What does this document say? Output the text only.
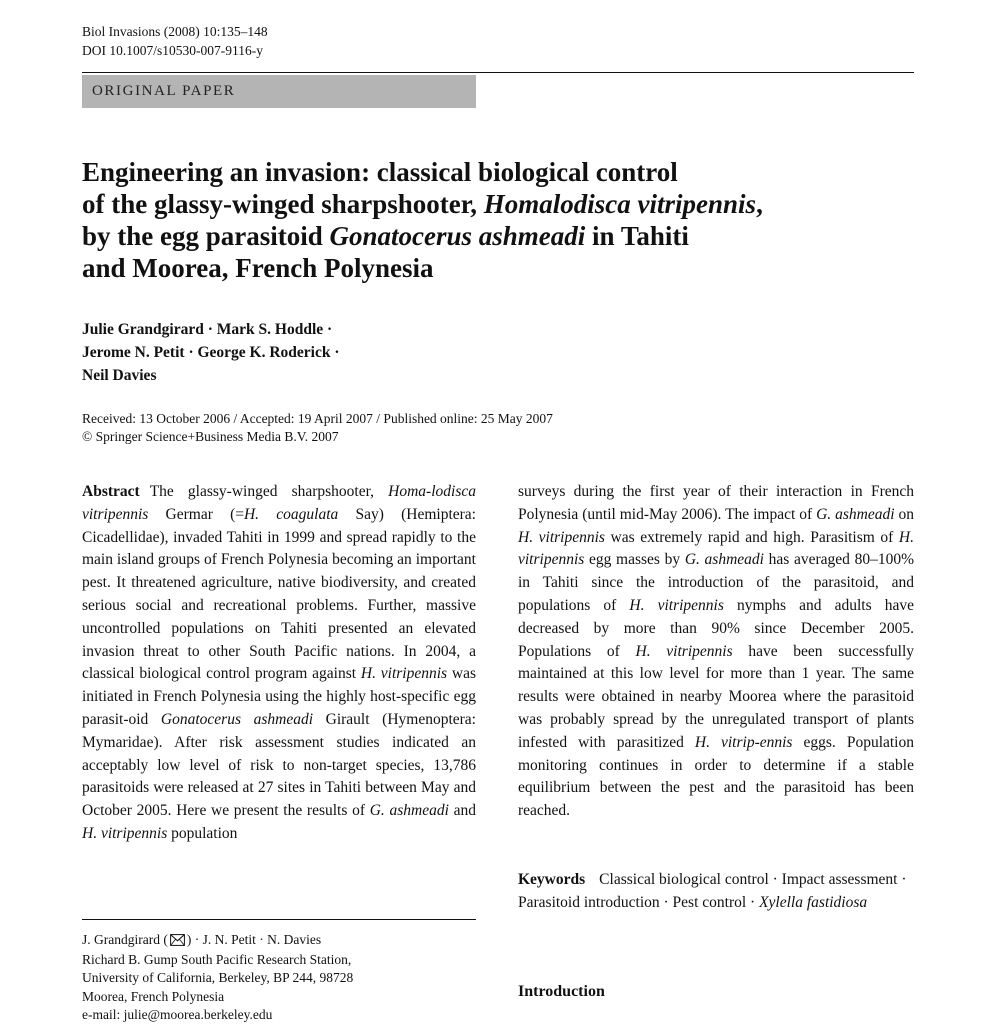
Biol Invasions (2008) 10:135–148
DOI 10.1007/s10530-007-9116-y
ORIGINAL PAPER
Engineering an invasion: classical biological control
of the glassy-winged sharpshooter, Homalodisca vitripennis,
by the egg parasitoid Gonatocerus ashmeadi in Tahiti
and Moorea, French Polynesia
Julie Grandgirard · Mark S. Hoddle ·
Jerome N. Petit · George K. Roderick ·
Neil Davies
Received: 13 October 2006 / Accepted: 19 April 2007 / Published online: 25 May 2007
© Springer Science+Business Media B.V. 2007
Abstract The glassy-winged sharpshooter, Homa-lodisca vitripennis Germar (=H. coagulata Say) (Hemiptera: Cicadellidae), invaded Tahiti in 1999 and spread rapidly to the main island groups of French Polynesia becoming an important pest. It threatened agriculture, native biodiversity, and created serious social and recreational problems. Further, massive uncontrolled populations on Tahiti presented an elevated invasion threat to other South Pacific nations. In 2004, a classical biological control program against H. vitripennis was initiated in French Polynesia using the highly host-specific egg parasit-oid Gonatocerus ashmeadi Girault (Hymenoptera: Mymaridae). After risk assessment studies indicated an acceptably low level of risk to non-target species, 13,786 parasitoids were released at 27 sites in Tahiti between May and October 2005. Here we present the results of G. ashmeadi and H. vitripennis population
surveys during the first year of their interaction in French Polynesia (until mid-May 2006). The impact of G. ashmeadi on H. vitripennis was extremely rapid and high. Parasitism of H. vitripennis egg masses by G. ashmeadi has averaged 80–100% in Tahiti since the introduction of the parasitoid, and populations of H. vitripennis nymphs and adults have decreased by more than 90% since December 2005. Populations of H. vitripennis have been successfully maintained at this low level for more than 1 year. The same results were obtained in nearby Moorea where the parasitoid was probably spread by the unregulated transport of plants infested with parasitized H. vitrip-ennis eggs. Population monitoring continues in order to determine if a stable equilibrium between the pest and the parasitoid has been reached.
Keywords Classical biological control · Impact assessment · Parasitoid introduction · Pest control · Xylella fastidiosa
J. Grandgirard ( ) · J. N. Petit · N. Davies
Richard B. Gump South Pacific Research Station,
University of California, Berkeley, BP 244, 98728
Moorea, French Polynesia
e-mail: julie@moorea.berkeley.edu
Introduction
